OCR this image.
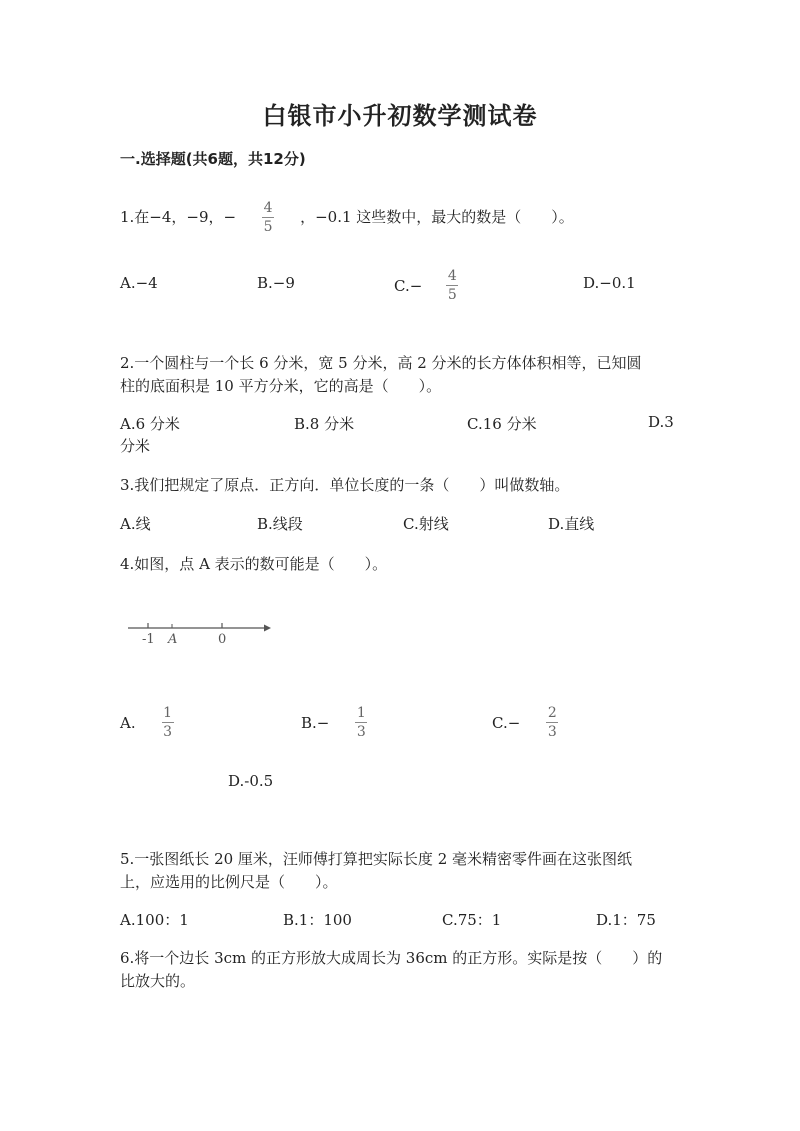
白银市小升初数学测试卷
一.选择题(共6题，共12分)
1.在−4，−9，− $\frac{4}{5}$ ，−0.1 这些数中，最大的数是（　　）。
A.−4	B.−9	$C.- \frac{4}{5}$	D.−0.1
2.一个圆柱与一个长 6 分米，宽 5 分米，高 2 分米的长方体体积相等，已知圆
柱的底面积是 10 平方分米，它的高是（　　）。
A.6 分米	B.8 分米	C.16 分米	D.3
分米
3.我们把规定了原点．正方向．单位长度的一条（　　）叫做数轴。
A.线	B.线段	C.射线	D.直线
4.如图，点 A 表示的数可能是（　　）。
-1 A	0
A. $\frac{1}{3}$	$B.- \frac{1}{3}$	$C.- \frac{2}{3}$
D.-0.5
5.一张图纸长 20 厘米，汪师傅打算把实际长度 2 毫米精密零件画在这张图纸
上，应选用的比例尺是（　　）。
A.100：1	B.1：100	C.75：1	D.1：75
6.将一个边长 3cm 的正方形放大成周长为 36cm 的正方形。实际是按（　　）的
比放大的。
